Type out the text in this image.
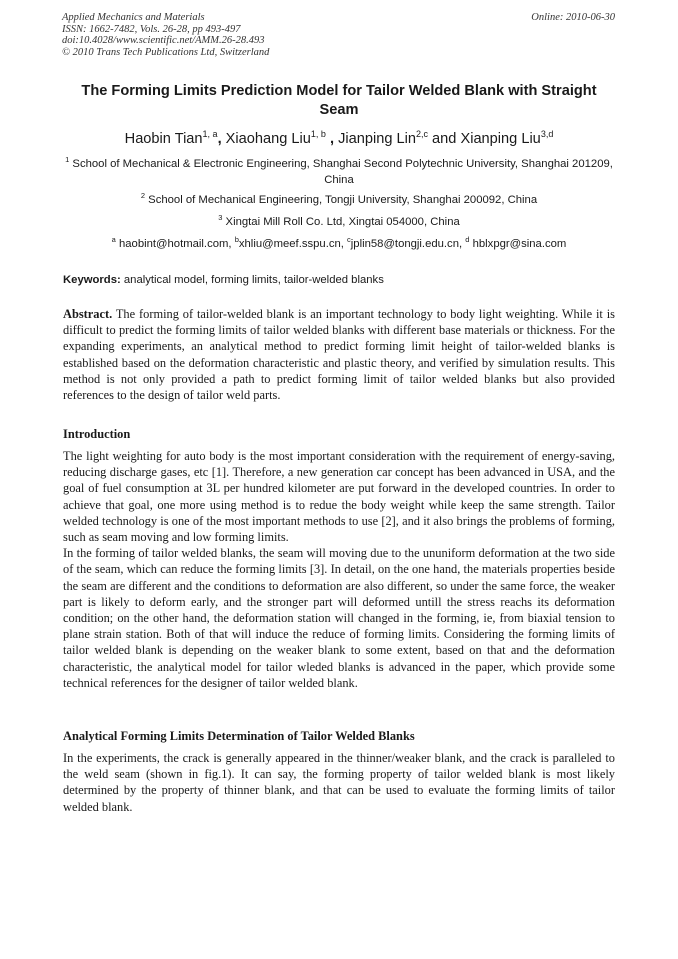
Applied Mechanics and Materials
ISSN: 1662-7482, Vols. 26-28, pp 493-497
doi:10.4028/www.scientific.net/AMM.26-28.493
© 2010 Trans Tech Publications Ltd, Switzerland
Online: 2010-06-30
The Forming Limits Prediction Model for Tailor Welded Blank with Straight Seam
Haobin Tian$^{1, a}$, Xiaohang Liu$^{1, b}$ , Jianping Lin$^{2,c}$ and Xianping Liu$^{3,d}$
$^1$ School of Mechanical & Electronic Engineering, Shanghai Second Polytechnic University, Shanghai 201209, China
$^2$ School of Mechanical Engineering, Tongji University, Shanghai 200092, China
$^3$ Xingtai Mill Roll Co. Ltd, Xingtai 054000, China
$^a$ haobint@hotmail.com, $^b$xhliu@meef.sspu.cn, $^c$jplin58@tongji.edu.cn, $^d$ hblxpgr@sina.com
Keywords: analytical model, forming limits, tailor-welded blanks
Abstract. The forming of tailor-welded blank is an important technology to body light weighting. While it is difficult to predict the forming limits of tailor welded blanks with different base materials or thickness. For the expanding experiments, an analytical method to predict forming limit height of tailor-welded blanks is established based on the deformation characteristic and plastic theory, and verified by simulation results. This method is not only provided a path to predict forming limit of tailor welded blanks but also provided references to the design of tailor weld parts.
Introduction

The light weighting for auto body is the most important consideration with the requirement of energy-saving, reducing discharge gases, etc [1]. Therefore, a new generation car concept has been advanced in USA, and the goal of fuel consumption at 3L per hundred kilometer are put forward in the developed countries. In order to achieve that goal, one more using method is to redue the body weight while keep the same strength. Tailor welded technology is one of the most important methods to use [2], and it also brings the problems of forming, such as seam moving and low forming limits.

In the forming of tailor welded blanks, the seam will moving due to the ununiform deformation at the two side of the seam, which can reduce the forming limits [3]. In detail, on the one hand, the materials properties beside the seam are different and the conditions to deformation are also different, so under the same force, the weaker part is likely to deform early, and the stronger part will deformed untill the stress reachs its deformation condition; on the other hand, the deformation station will changed in the forming, ie, from biaxial tension to plane strain station. Both of that will induce the reduce of forming limits. Considering the forming limits of tailor welded blank is depending on the weaker blank to some extent, based on that and the deformation characteristic, the analytical model for tailor wleded blanks is advanced in the paper, which provide some technical references for the designer of tailor welded blank.

Analytical Forming Limits Determination of Tailor Welded Blanks

In the experiments, the crack is generally appeared in the thinner/weaker blank, and the crack is paralleled to the weld seam (shown in fig.1). It can say, the forming property of tailor welded blank is most likely determined by the property of thinner blank, and that can be used to evaluate the forming limits of tailor welded blank.
